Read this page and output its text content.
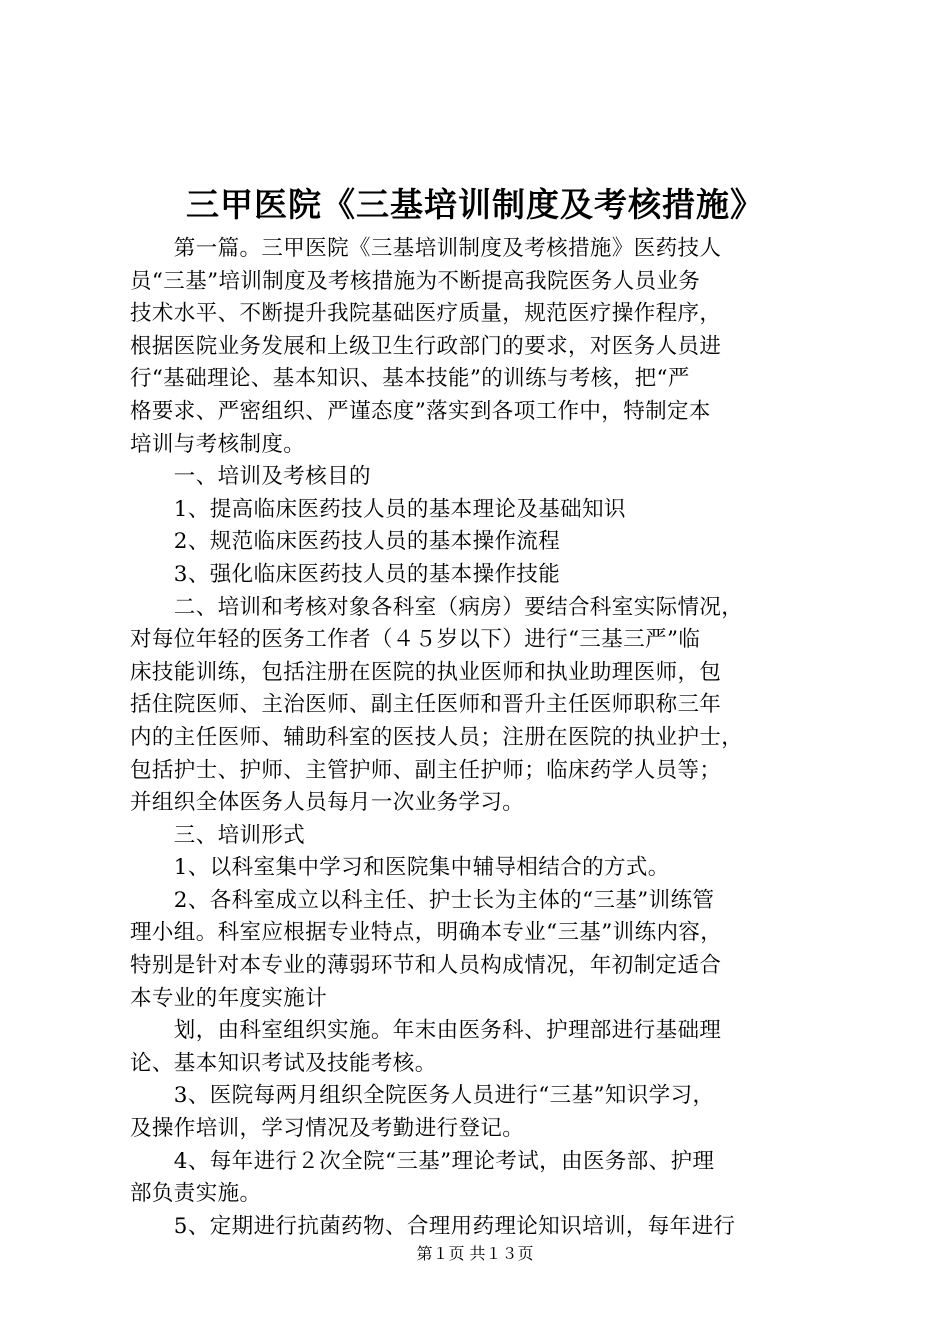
三甲医院《三基培训制度及考核措施》
　　第一篇。三甲医院《三基培训制度及考核措施》医药技人
员“三基”培训制度及考核措施为不断提高我院医务人员业务
技术水平、不断提升我院基础医疗质量，规范医疗操作程序，
根据医院业务发展和上级卫生行政部门的要求，对医务人员进
行“基础理论、基本知识、基本技能”的训练与考核，把“严
格要求、严密组织、严谨态度”落实到各项工作中，特制定本
培训与考核制度。
　　一、培训及考核目的
　　1、提高临床医药技人员的基本理论及基础知识
　　2、规范临床医药技人员的基本操作流程
　　3、强化临床医药技人员的基本操作技能
　　二、培训和考核对象各科室（病房）要结合科室实际情况，
对每位年轻的医务工作者（４５岁以下）进行“三基三严”临
床技能训练，包括注册在医院的执业医师和执业助理医师，包
括住院医师、主治医师、副主任医师和晋升主任医师职称三年
内的主任医师、辅助科室的医技人员；注册在医院的执业护士，
包括护士、护师、主管护师、副主任护师；临床药学人员等；
并组织全体医务人员每月一次业务学习。
　　三、培训形式
　　1、以科室集中学习和医院集中辅导相结合的方式。
　　2、各科室成立以科主任、护士长为主体的“三基”训练管
理小组。科室应根据专业特点，明确本专业“三基”训练内容，
特别是针对本专业的薄弱环节和人员构成情况，年初制定适合
本专业的年度实施计
　　划，由科室组织实施。年末由医务科、护理部进行基础理
论、基本知识考试及技能考核。
　　3、医院每两月组织全院医务人员进行“三基”知识学习，
及操作培训，学习情况及考勤进行登记。
　　4、每年进行２次全院“三基”理论考试，由医务部、护理
部负责实施。
　　5、定期进行抗菌药物、合理用药理论知识培训，每年进行
第１页 共１３页
